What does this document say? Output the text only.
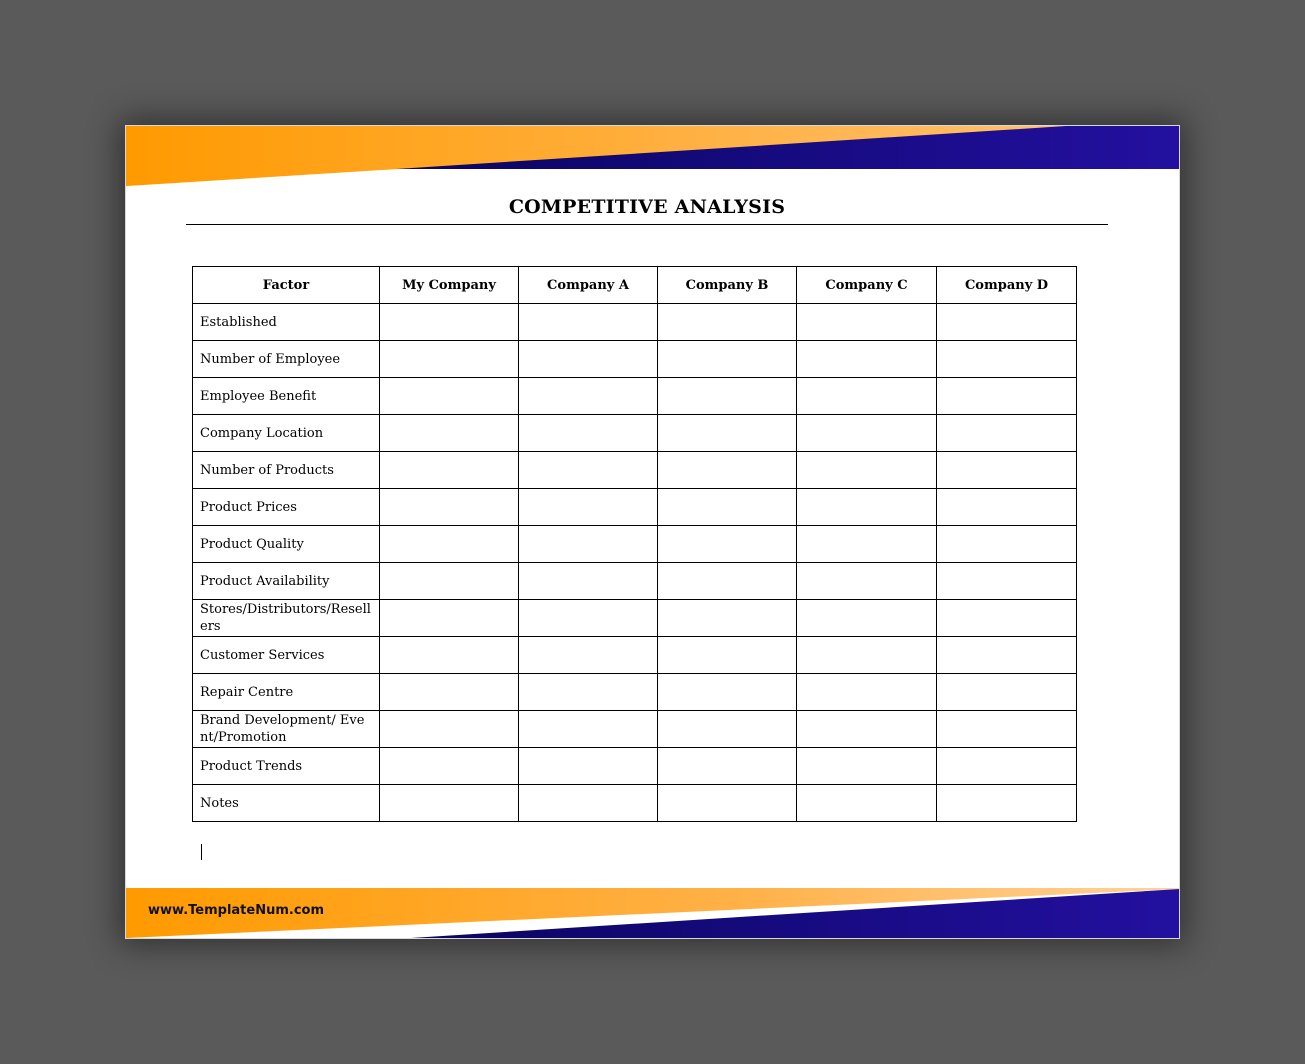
COMPETITIVE ANALYSIS
Factor	My Company	Company A	Company B	Company C	Company D
Established					
Number of Employee					
Employee Benefit					
Company Location					
Number of Products					
Product Prices					
Product Quality					
Product Availability					
Stores/Distributors/Resellers					
Customer Services					
Repair Centre					
Brand Development/ Event/Promotion					
Product Trends					
Notes					
www.TemplateNum.com
